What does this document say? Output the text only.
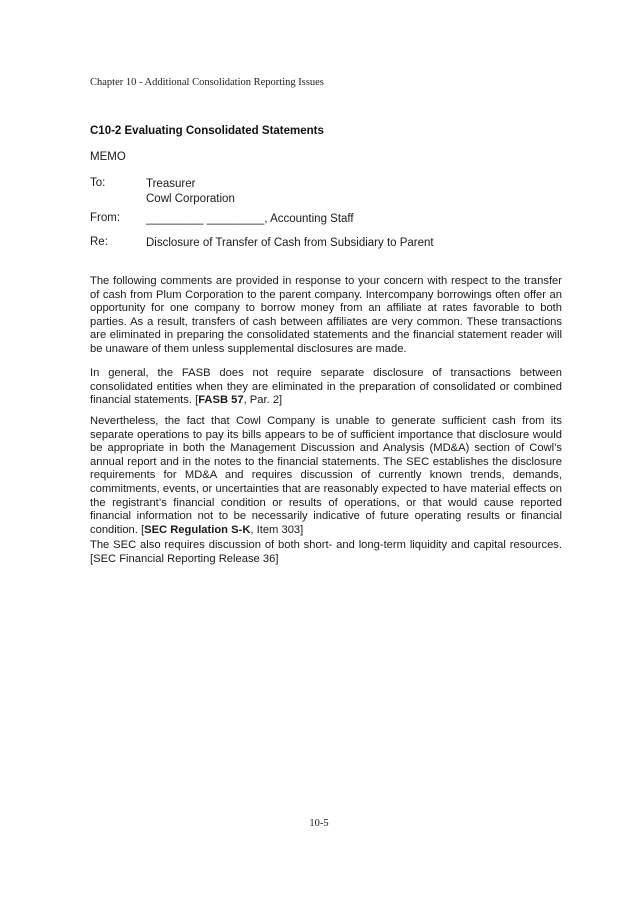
Chapter 10 - Additional Consolidation Reporting Issues
C10-2 Evaluating Consolidated Statements
MEMO
To:	Treasurer
Cowl Corporation
From: _________ _________, Accounting Staff
Re:	Disclosure of Transfer of Cash from Subsidiary to Parent

The following comments are provided in response to your concern with respect to the transfer of cash from Plum Corporation to the parent company. Intercompany borrowings often offer an opportunity for one company to borrow money from an affiliate at rates favorable to both parties. As a result, transfers of cash between affiliates are very common. These transactions are eliminated in preparing the consolidated statements and the financial statement reader will be unaware of them unless supplemental disclosures are made.

In general, the FASB does not require separate disclosure of transactions between consolidated entities when they are eliminated in the preparation of consolidated or combined financial statements. [FASB 57, Par. 2]

Nevertheless, the fact that Cowl Company is unable to generate sufficient cash from its separate operations to pay its bills appears to be of sufficient importance that disclosure would be appropriate in both the Management Discussion and Analysis (MD&A) section of Cowl’s annual report and in the notes to the financial statements. The SEC establishes the disclosure requirements for MD&A and requires discussion of currently known trends, demands, commitments, events, or uncertainties that are reasonably expected to have material effects on the registrant’s financial condition or results of operations, or that would cause reported financial information not to be necessarily indicative of future operating results or financial condition. [SEC Regulation S-K, Item 303]

The SEC also requires discussion of both short- and long-term liquidity and capital resources. [SEC Financial Reporting Release 36]

10-5
